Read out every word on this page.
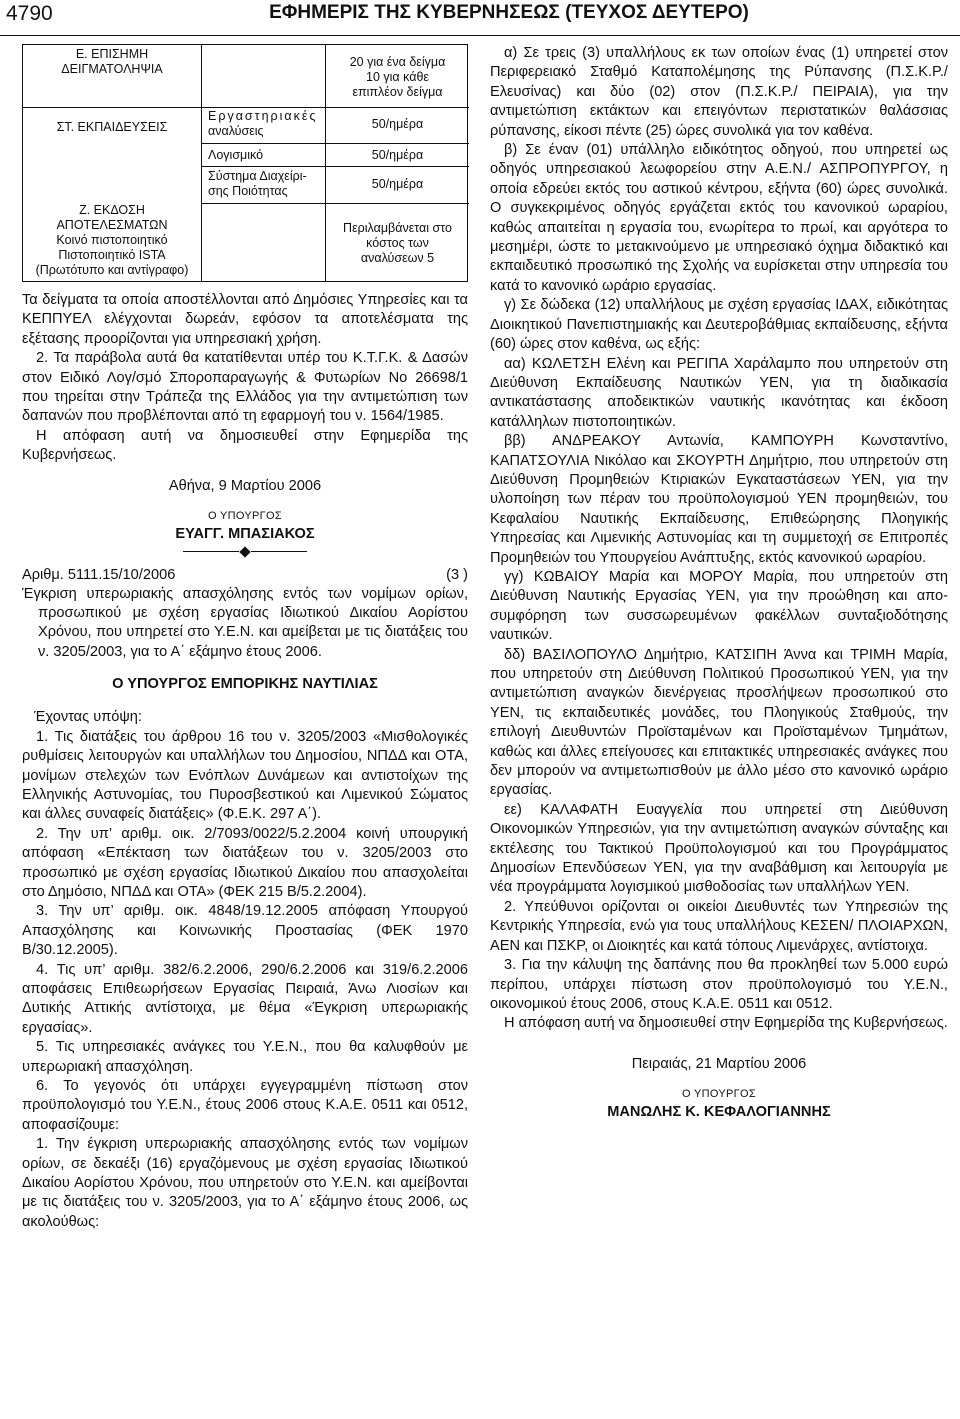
4790	ΕΦΗΜΕΡΙΣ ΤΗΣ ΚΥΒΕΡΝΗΣΕΩΣ (ΤΕΥΧΟΣ ΔΕΥΤΕΡΟ)
Ε. ΕΠΙΣΗΜΗ
ΔΕΙΓΜΑΤΟΛΗΨΙΑ
ΣΤ. ΕΚΠΑΙΔΕΥΣΕΙΣ
Ζ. ΕΚΔΟΣΗ
ΑΠΟΤΕΛΕΣΜΑΤΩΝ
Κοινό πιστοποιητικό
Πιστοποιητικό ISTA
(Πρωτότυπο και αντίγραφο)
Εργαστηριακές
αναλύσεις
Λογισμικό
Σύστημα Διαχείρι-
σης Ποιότητας
20 για ένα δείγμα
10 για κάθε
επιπλέον δείγμα
50/ημέρα
50/ημέρα
50/ημέρα
Περιλαμβάνεται στο
κόστος των
αναλύσεων 5

Τα δείγματα τα οποία αποστέλλονται από Δημόσιες Υπηρεσίες και τα ΚΕΠΠΥΕΛ ελέγχονται δωρεάν, εφόσον τα αποτελέσματα της εξέτασης προορίζονται για υπηρεσιακή χρήση.

2. Τα παράβολα αυτά θα κατατίθενται υπέρ του Κ.Τ.Γ.Κ. & Δασών στον Ειδικό Λογ/σμό Σποροπαραγωγής & Φυτωρίων Νο 26698/1 που τηρείται στην Τράπεζα της Ελλάδος για την αντιμετώπιση των δαπανών που προβλέπονται από τη εφαρμογή του ν. 1564/1985.

Η απόφαση αυτή να δημοσιευθεί στην Εφημερίδα της Κυβερνήσεως.

Αθήνα, 9 Μαρτίου 2006
Ο ΥΠΟΥΡΓΟΣ
ΕΥΑΓΓ. ΜΠΑΣΙΑΚΟΣ
Αριθμ. 5111.15/10/2006	(3 )

Έγκριση υπερωριακής απασχόλησης εντός των νομίμων ορίων, προσωπικού με σχέση εργασίας Ιδιωτικού Δικαίου Αορίστου Χρόνου, που υπηρετεί στο Υ.Ε.Ν. και αμείβεται με τις διατάξεις του ν. 3205/2003, για το Α΄ εξάμηνο έτους 2006.

Ο ΥΠΟΥΡΓΟΣ ΕΜΠΟΡΙΚΗΣ ΝΑΥΤΙΛΙΑΣ

Έχοντας υπόψη:

1. Τις διατάξεις του άρθρου 16 του ν. 3205/2003 «Μισθολογικές ρυθμίσεις λειτουργών και υπαλλήλων του Δημοσίου, ΝΠΔΔ και ΟΤΑ, μονίμων στελεχών των Ενόπλων Δυνάμεων και αντιστοίχων της Ελληνικής Αστυνομίας, του Πυροσβεστικού και Λιμενικού Σώματος και άλλες συναφείς διατάξεις» (Φ.Ε.Κ. 297 Α΄).

2. Την υπ’ αριθμ. οικ. 2/7093/0022/5.2.2004 κοινή υπουργική απόφαση «Επέκταση των διατάξεων του ν. 3205/2003 στο προσωπικό με σχέση εργασίας Ιδιωτικού Δικαίου που απασχολείται στο Δημόσιο, ΝΠΔΔ και ΟΤΑ» (ΦΕΚ 215 Β/5.2.2004).

3. Την υπ’ αριθμ. οικ. 4848/19.12.2005 απόφαση Υπουργού Απασχόλησης και Κοινωνικής Προστασίας (ΦΕΚ 1970 Β/30.12.2005).

4. Τις υπ’ αριθμ. 382/6.2.2006, 290/6.2.2006 και 319/6.2.2006 αποφάσεις Επιθεωρήσεων Εργασίας Πειραιά, Άνω Λιοσίων και Δυτικής Αττικής αντίστοιχα, με θέμα «Έγκριση υπερωριακής εργασίας».

5. Τις υπηρεσιακές ανάγκες του Υ.Ε.Ν., που θα καλυφθούν με υπερωριακή απασχόληση.

6. Το γεγονός ότι υπάρχει εγγεγραμμένη πίστωση στον προϋπολογισμό του Υ.Ε.Ν., έτους 2006 στους Κ.Α.Ε. 0511 και 0512, αποφασίζουμε:

1. Την έγκριση υπερωριακής απασχόλησης εντός των νομίμων ορίων, σε δεκαέξι (16) εργαζόμενους με σχέση εργασίας Ιδιωτικού Δικαίου Αορίστου Χρόνου, που υπηρετούν στο Υ.Ε.Ν. και αμείβονται με τις διατάξεις του ν. 3205/2003, για το Α΄ εξάμηνο έτους 2006, ως ακολούθως:

α) Σε τρεις (3) υπαλλήλους εκ των οποίων ένας (1) υπηρετεί στον Περιφερειακό Σταθμό Καταπολέμησης της Ρύπανσης (Π.Σ.Κ.Ρ./Ελευσίνας) και δύο (02) στον (Π.Σ.Κ.Ρ./ ΠΕΙΡΑΙΑ), για την αντιμετώπιση εκτάκτων και επειγόντων περιστατικών θαλάσσιας ρύπανσης, είκοσι πέντε (25) ώρες συνολικά για τον καθένα.

β) Σε έναν (01) υπάλληλο ειδικότητος οδηγού, που υπηρετεί ως οδηγός υπηρεσιακού λεωφορείου στην Α.Ε.Ν./ ΑΣΠΡΟΠΥΡΓΟΥ, η οποία εδρεύει εκτός του αστικού κέντρου, εξήντα (60) ώρες συνολικά. Ο συγκεκριμένος οδηγός εργάζεται εκτός του κανονικού ωραρίου, καθώς απαιτείται η εργασία του, ενωρίτερα το πρωί, και αργότερα το μεσημέρι, ώστε το μετακινούμενο με υπηρεσιακό όχημα διδακτικό και εκπαιδευτικό προσωπικό της Σχολής να ευρίσκεται στην υπηρεσία του κατά το κανονικό ωράριο εργασίας.

γ) Σε δώδεκα (12) υπαλλήλους με σχέση εργασίας ΙΔΑΧ, ειδικότητας Διοικητικού Πανεπιστημιακής και Δευτεροβάθμιας εκπαίδευσης, εξήντα (60) ώρες στον καθένα, ως εξής:

αα) ΚΩΛΕΤΣΗ Ελένη και ΡΕΓΙΠΑ Χαράλαμπο που υπηρετούν στη Διεύθυνση Εκπαίδευσης Ναυτικών ΥΕΝ, για τη διαδικασία αντικατάστασης αποδεικτικών ναυτικής ικανότητας και έκδοση κατάλληλων πιστοποιητικών.

ββ) ΑΝΔΡΕΑΚΟΥ Αντωνία, ΚΑΜΠΟΥΡΗ Κωνσταντίνο, ΚΑΠΑΤΣΟΥΛΙΑ Νικόλαο και ΣΚΟΥΡΤΗ Δημήτριο, που υπηρετούν στη Διεύθυνση Προμηθειών Κτιριακών Εγκαταστάσεων ΥΕΝ, για την υλοποίηση των πέραν του προϋπολογισμού ΥΕΝ προμηθειών, του Κεφαλαίου Ναυτικής Εκπαίδευσης, Επιθεώρησης Πλοηγικής Υπηρεσίας και Λιμενικής Αστυνομίας και τη συμμετοχή σε Επιτροπές Προμηθειών του Υπουργείου Ανάπτυξης, εκτός κανονικού ωραρίου.

γγ) ΚΩΒΑΙΟΥ Μαρία και ΜΟΡΟΥ Μαρία, που υπηρετούν στη Διεύθυνση Ναυτικής Εργασίας ΥΕΝ, για την προώθηση και αποσυμφόρηση των συσσωρευμένων φακέλλων συνταξιοδότησης ναυτικών.

δδ) ΒΑΣΙΛΟΠΟΥΛΟ Δημήτριο, ΚΑΤΣΙΠΗ Άννα και ΤΡΙΜΗ Μαρία, που υπηρετούν στη Διεύθυνση Πολιτικού Προσωπικού ΥΕΝ, για την αντιμετώπιση αναγκών διενέργειας προσλήψεων προσωπικού στο ΥΕΝ, τις εκπαιδευτικές μονάδες, του Πλοηγικούς Σταθμούς, την επιλογή Διευθυντών Προϊσταμένων και Προϊσταμένων Τμημάτων, καθώς και άλλες επείγουσες και επιτακτικές υπηρεσιακές ανάγκες που δεν μπορούν να αντιμετωπισθούν με άλλο μέσο στο κανονικό ωράριο εργασίας.

εε) ΚΑΛΑΦΑΤΗ Ευαγγελία που υπηρετεί στη Διεύθυνση Οικονομικών Υπηρεσιών, για την αντιμετώπιση αναγκών σύνταξης και εκτέλεσης του Τακτικού Προϋπολογισμού και του Προγράμματος Δημοσίων Επενδύσεων ΥΕΝ, για την αναβάθμιση και λειτουργία με νέα προγράμματα λογισμικού μισθοδοσίας των υπαλλήλων ΥΕΝ.

2. Υπεύθυνοι ορίζονται οι οικείοι Διευθυντές των Υπηρεσιών της Κεντρικής Υπηρεσία, ενώ για τους υπαλλήλους ΚΕΣΕΝ/ ΠΛΟΙΑΡΧΩΝ, ΑΕΝ και ΠΣΚΡ, οι Διοικητές και κατά τόπους Λιμενάρχες, αντίστοιχα.

3. Για την κάλυψη της δαπάνης που θα προκληθεί των 5.000 ευρώ περίπου, υπάρχει πίστωση στον προϋπολογισμό του Υ.Ε.Ν., οικονομικού έτους 2006, στους Κ.Α.Ε. 0511 και 0512.

Η απόφαση αυτή να δημοσιευθεί στην Εφημερίδα της Κυβερνήσεως.

Πειραιάς, 21 Μαρτίου 2006
Ο ΥΠΟΥΡΓΟΣ
ΜΑΝΩΛΗΣ Κ. ΚΕΦΑΛΟΓΙΑΝΝΗΣ
